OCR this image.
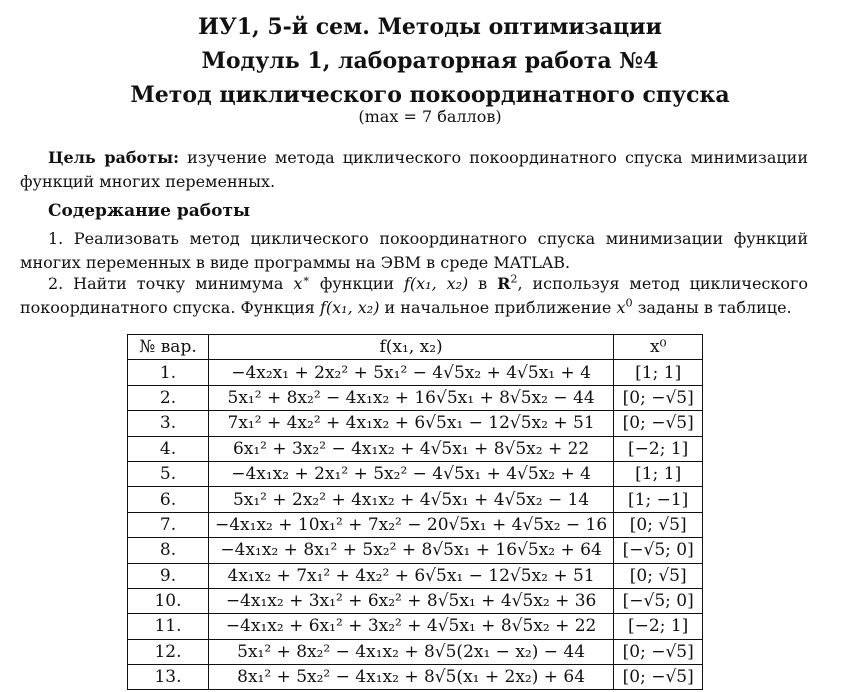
ИУ1, 5-й сем. Методы оптимизации
Модуль 1, лабораторная работа №4
Метод циклического покоординатного спуска
(max = 7 баллов)
Цель работы: изучение метода циклического покоординатного спуска минимизации функций многих переменных.
Содержание работы
1. Реализовать метод циклического покоординатного спуска минимизации функций многих переменных в виде программы на ЭВМ в среде MATLAB.
2. Найти точку минимума x∗ функции f(x₁, x₂) в $R^2$, используя метод циклического покоординатного спуска. Функция f(x₁, x₂) и начальное приближение $x^0$ заданы в таблице.
№ вар.	f(x₁, x₂)	x⁰
1.	−4x₂x₁ + 2x₂² + 5x₁² − 4√5x₂ + 4√5x₁ + 4	[1; 1]
2.	5x₁² + 8x₂² − 4x₁x₂ + 16√5x₁ + 8√5x₂ − 44	[0; −√5]
3.	7x₁² + 4x₂² + 4x₁x₂ + 6√5x₁ − 12√5x₂ + 51	[0; −√5]
4.	6x₁² + 3x₂² − 4x₁x₂ + 4√5x₁ + 8√5x₂ + 22	[−2; 1]
5.	−4x₁x₂ + 2x₁² + 5x₂² − 4√5x₁ + 4√5x₂ + 4	[1; 1]
6.	5x₁² + 2x₂² + 4x₁x₂ + 4√5x₁ + 4√5x₂ − 14	[1; −1]
7.	−4x₁x₂ + 10x₁² + 7x₂² − 20√5x₁ + 4√5x₂ − 16	[0; √5]
8.	−4x₁x₂ + 8x₁² + 5x₂² + 8√5x₁ + 16√5x₂ + 64	[−√5; 0]
9.	4x₁x₂ + 7x₁² + 4x₂² + 6√5x₁ − 12√5x₂ + 51	[0; √5]
10.	−4x₁x₂ + 3x₁² + 6x₂² + 8√5x₁ + 4√5x₂ + 36	[−√5; 0]
11.	−4x₁x₂ + 6x₁² + 3x₂² + 4√5x₁ + 8√5x₂ + 22	[−2; 1]
12.	5x₁² + 8x₂² − 4x₁x₂ + 8√5(2x₁ − x₂) − 44	[0; −√5]
13.	8x₁² + 5x₂² − 4x₁x₂ + 8√5(x₁ + 2x₂) + 64	[0; −√5]
